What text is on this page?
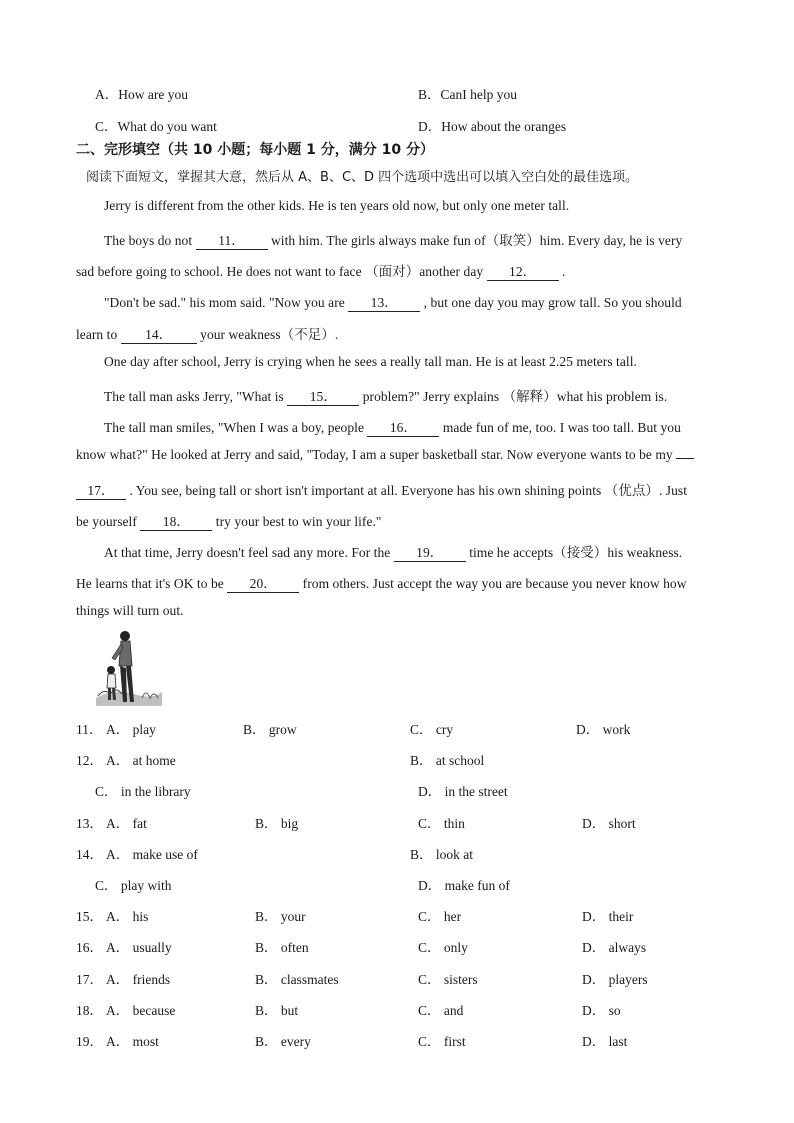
A．How are you	B．CanI help you
C．What do you want	D．How about the oranges
二、完形填空（共 10 小题；每小题 1 分，满分 10 分）
阅读下面短文，掌握其大意，然后从 A、B、C、D 四个选项中选出可以填入空白处的最佳选项。
Jerry is different from the other kids. He is ten years old now, but only one meter tall.
The boys do not 11． with him. The girls always make fun of（取笑）him. Every day, he is very
sad before going to school. He does not want to face （面对）another day 12． .
"Don't be sad." his mom said. "Now you are 13． , but one day you may grow tall. So you should
learn to 14． your weakness（不足）.
One day after school, Jerry is crying when he sees a really tall man. He is at least 2.25 meters tall.
The tall man asks Jerry, "What is 15． problem?" Jerry explains （解释）what his problem is.
The tall man smiles, "When I was a boy, people 16． made fun of me, too. I was too tall. But you
know what?" He looked at Jerry and said, "Today, I am a super basketball star. Now everyone wants to be my
17． . You see, being tall or short isn't important at all. Everyone has his own shining points （优点）. Just
be yourself 18． try your best to win your life."
At that time, Jerry doesn't feel sad any more. For the 19． time he accepts（接受）his weakness.
He learns that it's OK to be 20． from others. Just accept the way you are because you never know how
things will turn out.
11． A． play	B． grow	C． cry	D． work
12． A． at home	B． at school
C． in the library	D． in the street
13． A． fat	B． big	C． thin	D． short
14． A． make use of	B． look at
C． play with	D． make fun of
15． A． his	B． your	C． her	D． their
16． A． usually	B． often	C． only	D． always
17． A． friends	B． classmates	C． sisters	D． players
18． A． because	B． but	C． and	D． so
19． A． most	B． every	C． first	D． last
